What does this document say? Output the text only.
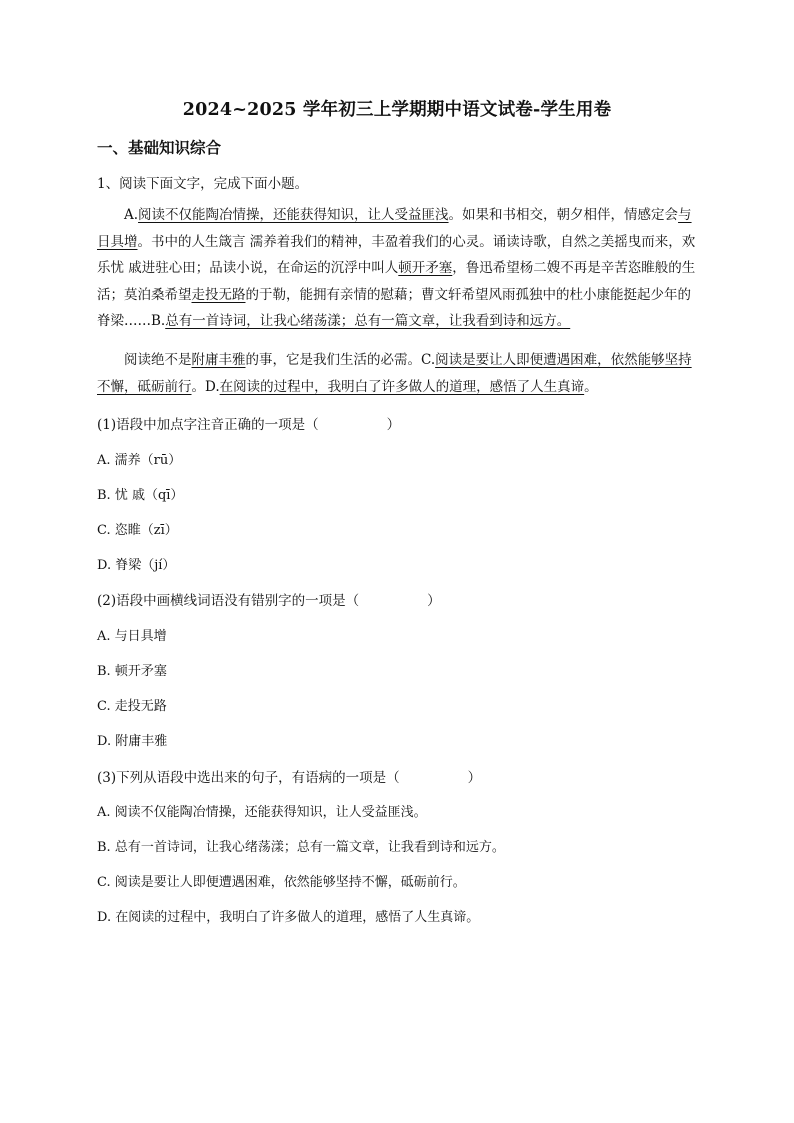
2024~2025 学年初三上学期期中语文试卷-学生用卷
一、基础知识综合
1、阅读下面文字，完成下面小题。
A.阅读不仅能陶冶情操，还能获得知识，让人受益匪浅。如果和书相交，朝夕相伴，情感定会与日具增。书中的人生箴言 濡养着我们的精神，丰盈着我们的心灵。诵读诗歌，自然之美摇曳而来，欢乐忧 戚进驻心田；品读小说，在命运的沉浮中叫人顿开矛塞，鲁迅希望杨二嫂不再是辛苦恣睢般的生活；莫泊桑希望走投无路的于勒，能拥有亲情的慰藉；曹文轩希望风雨孤独中的杜小康能挺起少年的 脊梁……B.总有一首诗词，让我心绪荡漾；总有一篇文章，让我看到诗和远方。
阅读绝不是附庸丰雅的事，它是我们生活的必需。C.阅读是要让人即便遭遇困难，依然能够坚持不懈，砥砺前行。D.在阅读的过程中，我明白了许多做人的道理，感悟了人生真谛。
(1)语段中加点字注音正确的一项是（	）
A. 濡养（rū）
B. 忧 戚（qī）
C. 恣睢（zī）
D. 脊梁（jí）
(2)语段中画横线词语没有错别字的一项是（	）
A. 与日具增
B. 顿开矛塞
C. 走投无路
D. 附庸丰雅
(3)下列从语段中选出来的句子，有语病的一项是（	）
A. 阅读不仅能陶冶情操，还能获得知识，让人受益匪浅。
B. 总有一首诗词，让我心绪荡漾；总有一篇文章，让我看到诗和远方。
C. 阅读是要让人即便遭遇困难，依然能够坚持不懈，砥砺前行。
D. 在阅读的过程中，我明白了许多做人的道理，感悟了人生真谛。
